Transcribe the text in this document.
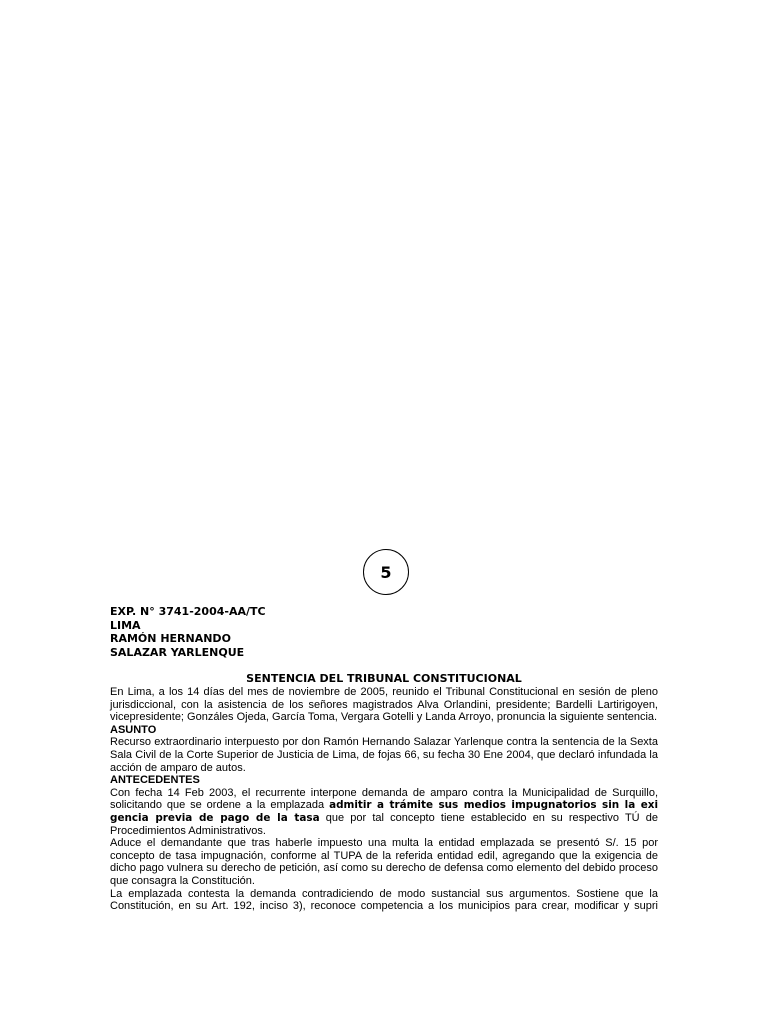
5
EXP. N° 3741-2004-AA/TC
LIMA
RAMÓN HERNANDO
SALAZAR YARLENQUE
SENTENCIA DEL TRIBUNAL CONSTITUCIONAL
En Lima, a los 14 días del mes de noviembre de 2005, reunido el Tribunal Constitucional en sesión de pleno jurisdiccional, con la asistencia de los señores magistrados Alva Orlandini, presidente; Bardelli Lartirigoyen, vicepresidente; Gonzáles Ojeda, García Toma, Vergara Gotelli y Landa Arroyo, pronuncia la siguiente sentencia.
ASUNTO
Recurso extraordinario interpuesto por don Ramón Hernando Salazar Yarlenque contra la sentencia de la Sexta Sala Civil de la Corte Superior de Justicia de Lima, de fojas 66, su fecha 30 Ene 2004, que declaró infundada la acción de amparo de autos.
ANTECEDENTES
Con fecha 14 Feb 2003, el recurrente interpone demanda de amparo contra la Municipalidad de Surquillo, solicitando que se ordene a la emplazada admitir a trámite sus medios impugnatorios sin la exi gencia previa de pago de la tasa que por tal concepto tiene establecido en su respectivo TÚ de Procedimientos Administrativos.
Aduce el demandante que tras haberle impuesto una multa la entidad emplazada se presentó S/. 15 por concepto de tasa impugnación, conforme al TUPA de la referida entidad edil, agregando que la exigencia de dicho pago vulnera su derecho de petición, así como su derecho de defensa como elemento del debido proceso que consagra la Constitución.
La emplazada contesta la demanda contradiciendo de modo sustancial sus argumentos. Sostiene que la Constitución, en su Art. 192, inciso 3), reconoce competencia a los municipios para crear, modificar y supri
